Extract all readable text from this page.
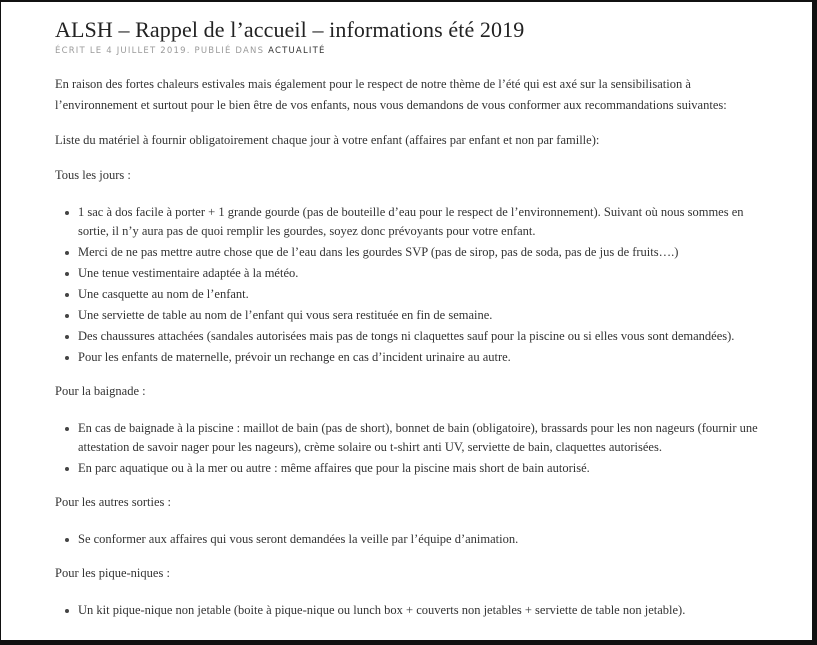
ALSH – Rappel de l’accueil – informations été 2019
ÉCRIT LE 4 JUILLET 2019. PUBLIÉ DANS ACTUALITÉ

En raison des fortes chaleurs estivales mais également pour le respect de notre thème de l’été qui est axé sur la sensibilisation à l’environnement et surtout pour le bien être de vos enfants, nous vous demandons de vous conformer aux recommandations suivantes:

Liste du matériel à fournir obligatoirement chaque jour à votre enfant (affaires par enfant et non par famille):

Tous les jours :

1 sac à dos facile à porter + 1 grande gourde (pas de bouteille d’eau pour le respect de l’environnement). Suivant où nous sommes en sortie, il n’y aura pas de quoi remplir les gourdes, soyez donc prévoyants pour votre enfant.
Merci de ne pas mettre autre chose que de l’eau dans les gourdes SVP (pas de sirop, pas de soda, pas de jus de fruits….)
Une tenue vestimentaire adaptée à la météo.
Une casquette au nom de l’enfant.
Une serviette de table au nom de l’enfant qui vous sera restituée en fin de semaine.
Des chaussures attachées (sandales autorisées mais pas de tongs ni claquettes sauf pour la piscine ou si elles vous sont demandées).
Pour les enfants de maternelle, prévoir un rechange en cas d’incident urinaire au autre.

Pour la baignade :

En cas de baignade à la piscine : maillot de bain (pas de short), bonnet de bain (obligatoire), brassards pour les non nageurs (fournir une attestation de savoir nager pour les nageurs), crème solaire ou t-shirt anti UV, serviette de bain, claquettes autorisées.
En parc aquatique ou à la mer ou autre : même affaires que pour la piscine mais short de bain autorisé.

Pour les autres sorties :

Se conformer aux affaires qui vous seront demandées la veille par l’équipe d’animation.

Pour les pique-niques :

Un kit pique-nique non jetable (boite à pique-nique ou lunch box + couverts non jetables + serviette de table non jetable).
